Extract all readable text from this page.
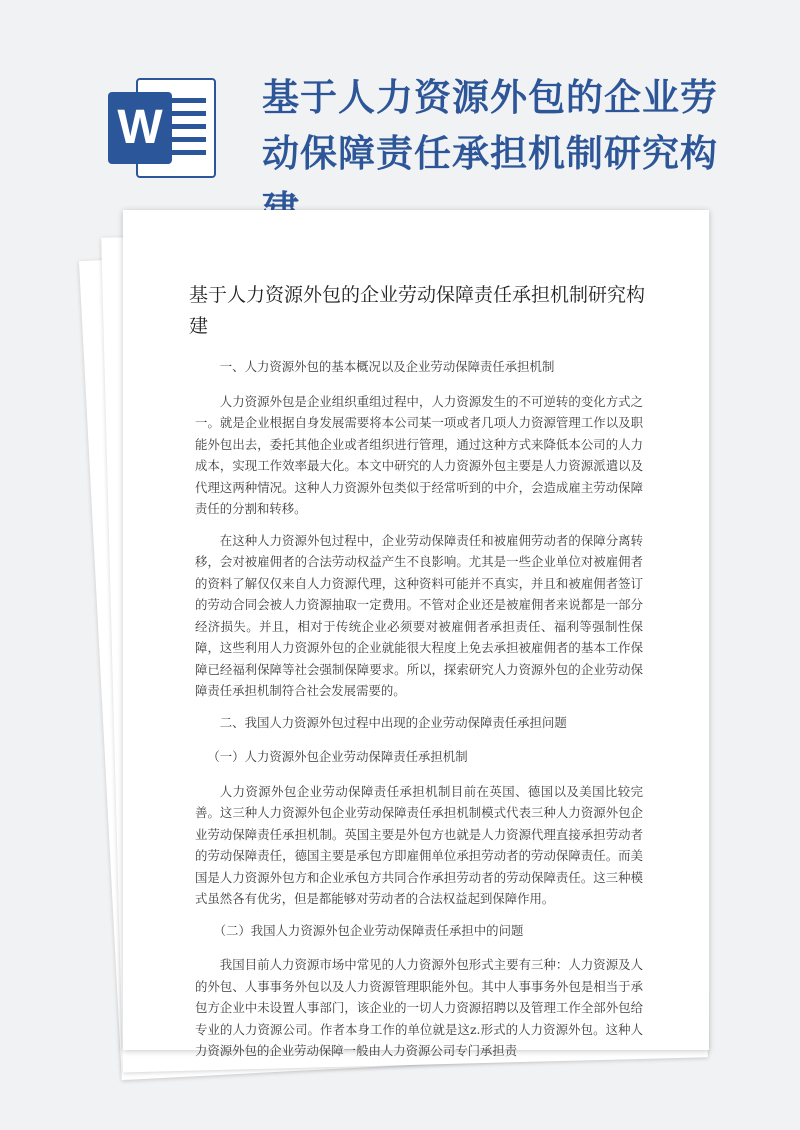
W
基于人力资源外包的企业劳动保障责任承担机制研究构
基于人力资源外包的企业劳动保障责任承担机制研究构建

一、人力资源外包的基本概况以及企业劳动保障责任承担机制

人力资源外包是企业组织重组过程中，人力资源发生的不可逆转的变化方式之一。就是企业根据自身发展需要将本公司某一项或者几项人力资源管理工作以及职能外包出去，委托其他企业或者组织进行管理，通过这种方式来降低本公司的人力成本，实现工作效率最大化。本文中研究的人力资源外包主要是人力资源派遣以及代理这两种情况。这种人力资源外包类似于经常听到的中介，会造成雇主劳动保障责任的分割和转移。

在这种人力资源外包过程中，企业劳动保障责任和被雇佣劳动者的保障分离转移，会对被雇佣者的合法劳动权益产生不良影响。尤其是一些企业单位对被雇佣者的资料了解仅仅来自人力资源代理，这种资料可能并不真实，并且和被雇佣者签订的劳动合同会被人力资源抽取一定费用。不管对企业还是被雇佣者来说都是一部分经济损失。并且，相对于传统企业必须要对被雇佣者承担责任、福利等强制性保障，这些利用人力资源外包的企业就能很大程度上免去承担被雇佣者的基本工作保障已经福利保障等社会强制保障要求。所以，探索研究人力资源外包的企业劳动保障责任承担机制符合社会发展需要的。

二、我国人力资源外包过程中出现的企业劳动保障责任承担问题

（一）人力资源外包企业劳动保障责任承担机制

人力资源外包企业劳动保障责任承担机制目前在英国、德国以及美国比较完善。这三种人力资源外包企业劳动保障责任承担机制模式代表三种人力资源外包企业劳动保障责任承担机制。英国主要是外包方也就是人力资源代理直接承担劳动者的劳动保障责任，德国主要是承包方即雇佣单位承担劳动者的劳动保障责任。而美国是人力资源外包方和企业承包方共同合作承担劳动者的劳动保障责任。这三种模式虽然各有优劣，但是都能够对劳动者的合法权益起到保障作用。

（二）我国人力资源外包企业劳动保障责任承担中的问题

我国目前人力资源市场中常见的人力资源外包形式主要有三种：人力资源及人的外包、人事事务外包以及人力资源管理职能外包。其中人事事务外包是相当于承包方企业中未设置人事部门，该企业的一切人力资源招聘以及管理工作全部外包给专业的人力资源公司。作者本身工作的单位就是这z.形式的人力资源外包。这种人力资源外包的企业劳动保障一般由人力资源公司专门承担责
